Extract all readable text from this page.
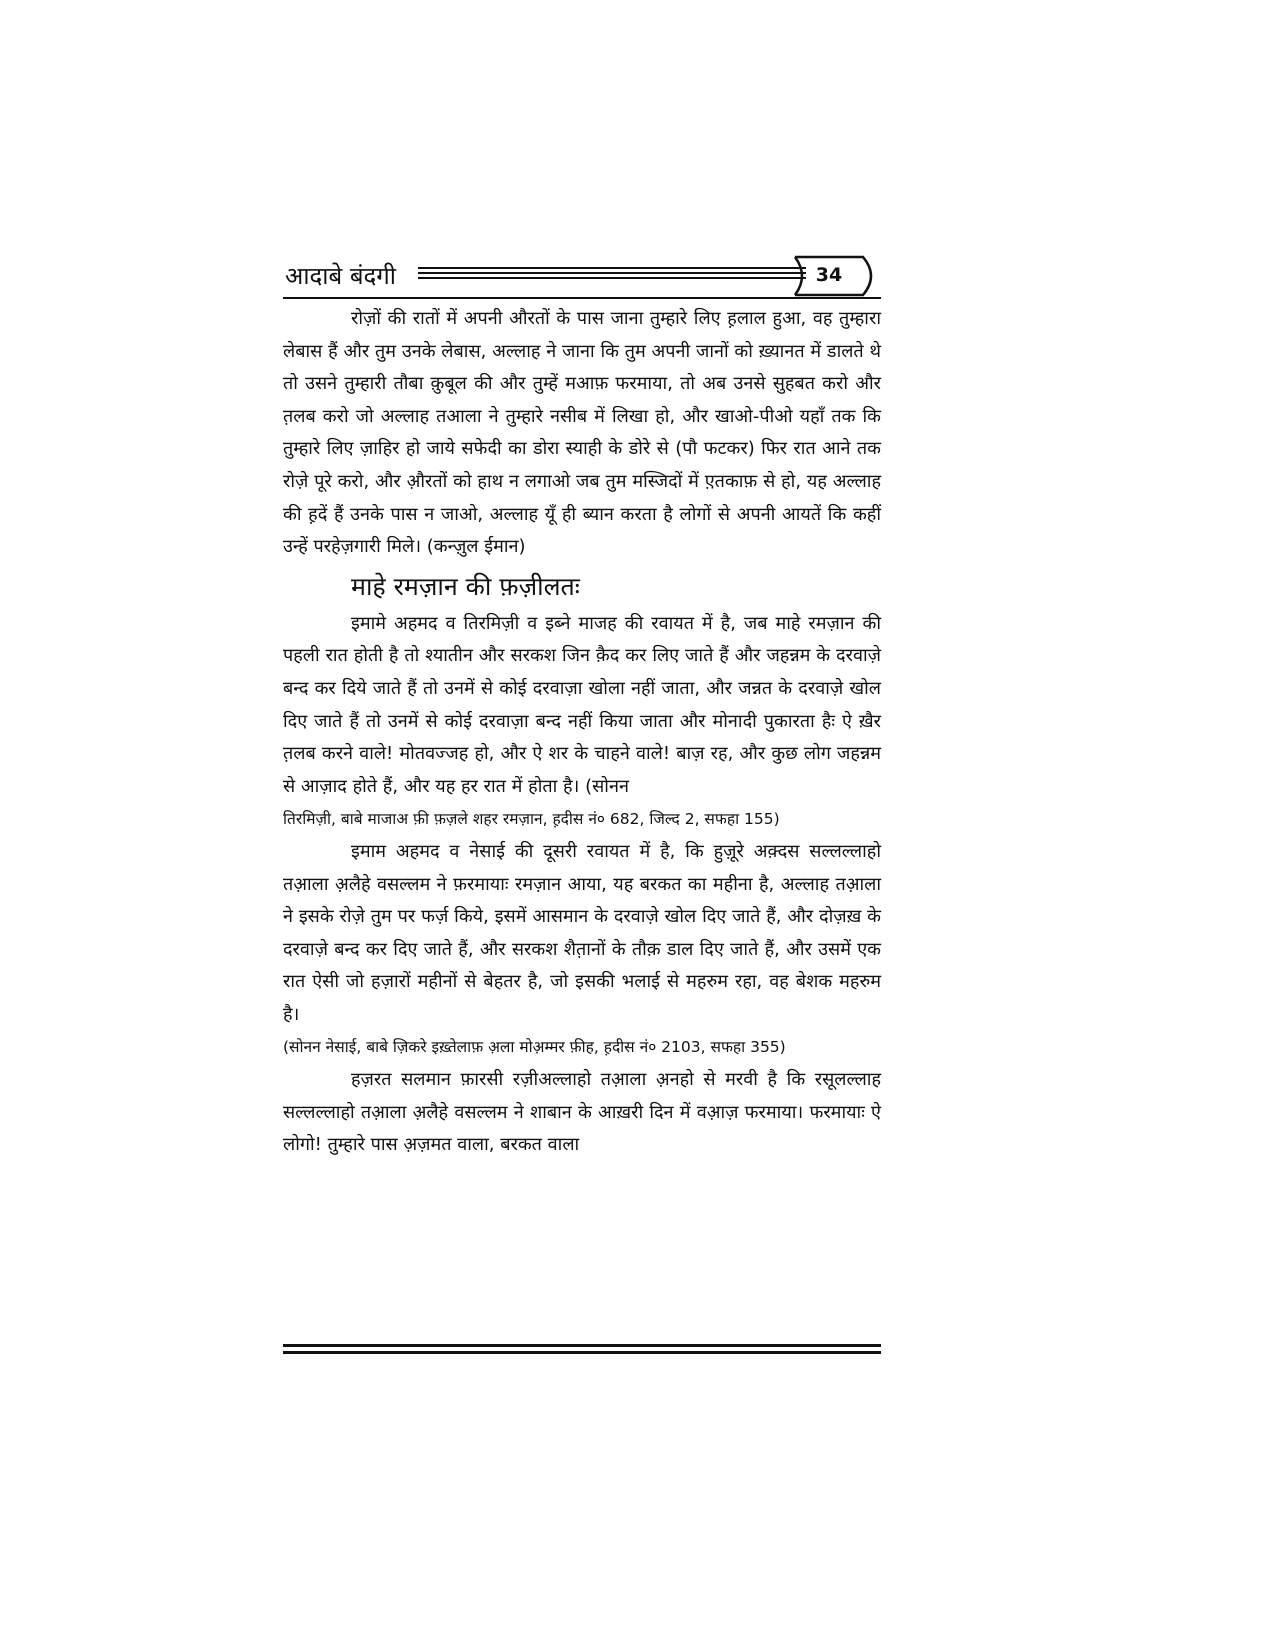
आदाबे बंदगी	34

रोज़ों की रातों में अपनी औरतों के पास जाना तुम्हारे लिए ह़लाल हुआ, वह तुम्हारा लेबास हैं और तुम उनके लेबास, अल्लाह ने जाना कि तुम अपनी जानों को ख़्यानत में डालते थे तो उसने तुम्हारी तौबा क़ुबूल की और तुम्हें मआफ़ फरमाया, तो अब उनसे सुहबत करो और त़लब करो जो अल्लाह तआला ने तुम्हारे नसीब में लिखा हो, और खाओ-पीओ यहाँ तक कि तुम्हारे लिए ज़ाहिर हो जाये सफेदी का डोरा स्याही के डोरे से (पौ फटकर) फिर रात आने तक रोज़े पूरे करो, और औ़रतों को हाथ न लगाओ जब तुम मस्जिदों में ए़तकाफ़ से हो, यह अल्लाह की ह़दें हैं उनके पास न जाओ, अल्लाह यूँ ही ब्यान करता है लोगों से अपनी आयतें कि कहीं उन्हें परहेज़गारी मिले। (कन्ज़ुल ईमान)

माहे रमज़ान की फ़ज़ीलतः

इमामे अहमद व तिरमिज़ी व इब्ने माजह की रवायत में है, जब माहे रमज़ान की पहली रात होती है तो श्यातीन और सरकश जिन क़ैद कर लिए जाते हैं और जहन्नम के दरवाज़े बन्द कर दिये जाते हैं तो उनमें से कोई दरवाज़ा खोला नहीं जाता, और जन्नत के दरवाज़े खोल दिए जाते हैं तो उनमें से कोई दरवाज़ा बन्द नहीं किया जाता और मोनादी पुकारता हैः ऐ ख़ैर त़लब करने वाले! मोतवज्जह हो, और ऐ शर के चाहने वाले! बाज़ रह, और कुछ लोग जहन्नम से आज़ाद होते हैं, और यह हर रात में होता है। (सोनन

तिरमिज़ी, बाबे माजाअ फ़ी फ़ज़ले शहर रमज़ान, ह़दीस नं० 682, जिल्द 2, सफहा 155)

इमाम अहमद व नेसाई की दूसरी रवायत में है, कि हुज़ूरे अक़्दस सल्लल्लाहो तआ़ला अ़लैहे वसल्लम ने फ़रमायाः रमज़ान आया, यह बरकत का महीना है, अल्लाह तआ़ला ने इसके रोज़े तुम पर फर्ज़ किये, इसमें आसमान के दरवाज़े खोल दिए जाते हैं, और दोज़ख़ के दरवाज़े बन्द कर दिए जाते हैं, और सरकश शैत़ानों के तौक़ डाल दिए जाते हैं, और उसमें एक रात ऐसी जो हज़ारों महीनों से बेहतर है, जो इसकी भलाई से महरुम रहा, वह बेशक महरुम है।

(सोनन नेसाई, बाबे ज़िकरे इख़्तेलाफ़ अ़ला मोअ़म्मर फ़ीह, ह़दीस नं० 2103, सफहा 355)

हज़रत सलमान फ़ारसी रज़ीअल्लाहो तआ़ला अ़नहो से मरवी है कि रसूलल्लाह सल्लल्लाहो तआ़ला अ़लैहे वसल्लम ने शाबान के आख़री दिन में वआ़ज़ फरमाया। फरमायाः ऐ लोगो! तुम्हारे पास अ़ज़मत वाला, बरकत वाला
